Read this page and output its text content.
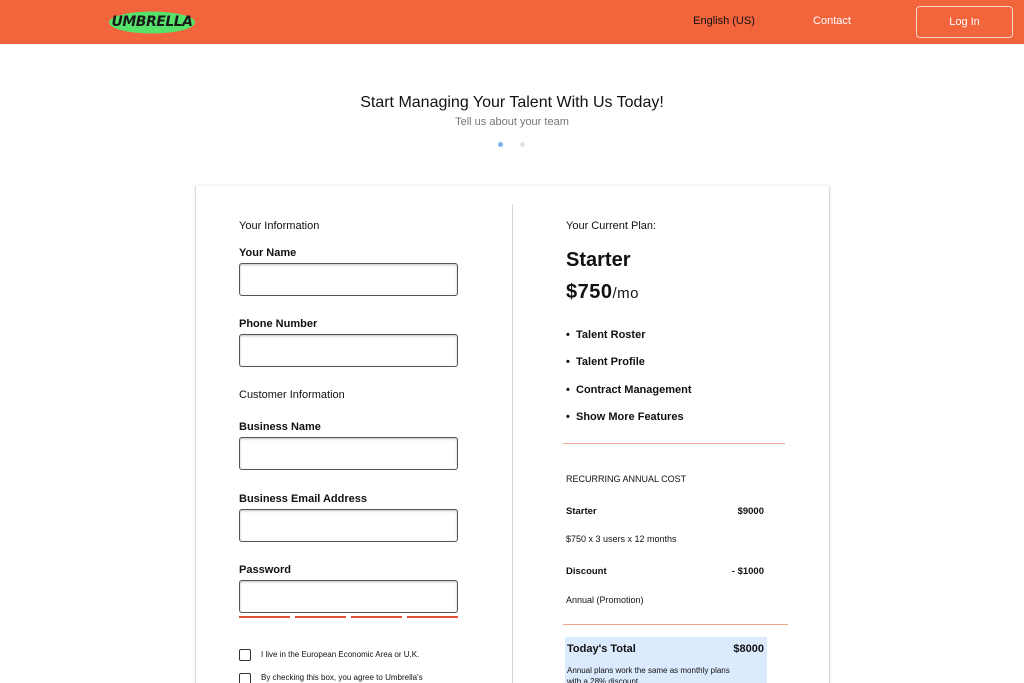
UMBRELLA	English (US)	Contact	Log In
Start Managing Your Talent With Us Today!
Tell us about your team
Your Information
Your Name
Phone Number
Customer Information
Business Name
Business Email Address
Password
I live in the European Economic Area or U.K.
By checking this box, you agree to Umbrella's
Your Current Plan:
Starter
$750/mo
• Talent Roster
• Talent Profile
• Contract Management
• Show More Features
RECURRING ANNUAL COST
Starter	$9000
$750 x 3 users x 12 months
Discount	- $1000
Annual (Promotion)
Today's Total	$8000
Annual plans work the same as monthly plans
with a 28% discount
